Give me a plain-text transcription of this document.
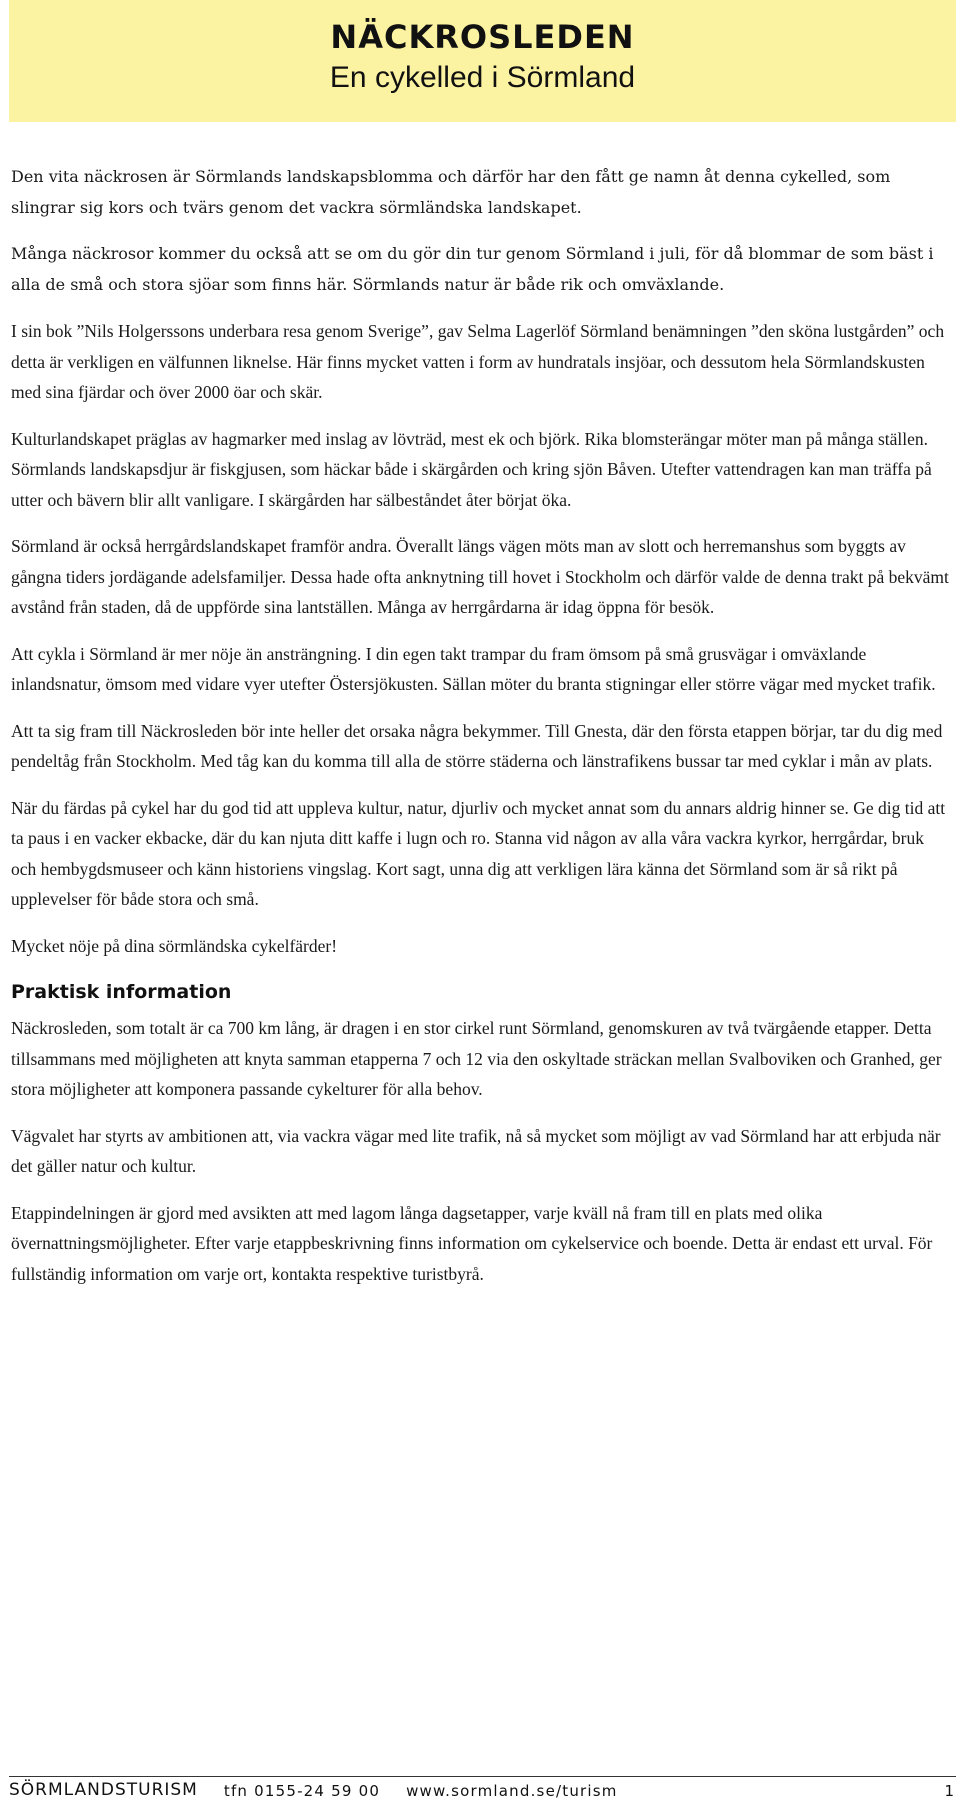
NÄCKROSLEDEN
En cykelled i Sörmland

Den vita näckrosen är Sörmlands landskapsblomma och därför har den fått ge namn åt denna cykelled, som slingrar sig kors och tvärs genom det vackra sörmländska landskapet.

Många näckrosor kommer du också att se om du gör din tur genom Sörmland i juli, för då blommar de som bäst i alla de små och stora sjöar som finns här. Sörmlands natur är både rik och omväxlande.

I sin bok ”Nils Holgerssons underbara resa genom Sverige”, gav Selma Lagerlöf Sörmland benämningen ”den sköna lustgården” och detta är verkligen en välfunnen liknelse. Här finns mycket vatten i form av hundratals insjöar, och dessutom hela Sörmlandskusten med sina fjärdar och över 2000 öar och skär.

Kulturlandskapet präglas av hagmarker med inslag av lövträd, mest ek och björk. Rika blomsterängar möter man på många ställen. Sörmlands landskapsdjur är fiskgjusen, som häckar både i skärgården och kring sjön Båven. Utefter vattendragen kan man träffa på utter och bävern blir allt vanligare. I skärgården har sälbeståndet åter börjat öka.

Sörmland är också herrgårdslandskapet framför andra. Överallt längs vägen möts man av slott och herremanshus som byggts av gångna tiders jordägande adelsfamiljer. Dessa hade ofta anknytning till hovet i Stockholm och därför valde de denna trakt på bekvämt avstånd från staden, då de uppförde sina lantställen. Många av herrgårdarna är idag öppna för besök.

Att cykla i Sörmland är mer nöje än ansträngning. I din egen takt trampar du fram ömsom på små grusvägar i omväxlande inlandsnatur, ömsom med vidare vyer utefter Östersjökusten. Sällan möter du branta stigningar eller större vägar med mycket trafik.

Att ta sig fram till Näckrosleden bör inte heller det orsaka några bekymmer. Till Gnesta, där den första etappen börjar, tar du dig med pendeltåg från Stockholm. Med tåg kan du komma till alla de större städerna och länstrafikens bussar tar med cyklar i mån av plats.

När du färdas på cykel har du god tid att uppleva kultur, natur, djurliv och mycket annat som du annars aldrig hinner se. Ge dig tid att ta paus i en vacker ekbacke, där du kan njuta ditt kaffe i lugn och ro. Stanna vid någon av alla våra vackra kyrkor, herrgårdar, bruk och hembygdsmuseer och känn historiens vingslag. Kort sagt, unna dig att verkligen lära känna det Sörmland som är så rikt på upplevelser för både stora och små.

Mycket nöje på dina sörmländska cykelfärder!

Praktisk information

Näckrosleden, som totalt är ca 700 km lång, är dragen i en stor cirkel runt Sörmland, genomskuren av två tvärgående etapper. Detta tillsammans med möjligheten att knyta samman etapperna 7 och 12 via den oskyltade sträckan mellan Svalboviken och Granhed, ger stora möjligheter att komponera passande cykelturer för alla behov.

Vägvalet har styrts av ambitionen att, via vackra vägar med lite trafik, nå så mycket som möjligt av vad Sörmland har att erbjuda när det gäller natur och kultur.

Etappindelningen är gjord med avsikten att med lagom långa dagsetapper, varje kväll nå fram till en plats med olika övernattningsmöjligheter. Efter varje etappbeskrivning finns information om cykelservice och boende. Detta är endast ett urval. För fullständig information om varje ort, kontakta respektive turistbyrå.

SÖRMLANDSTURISM tfn 0155-24 59 00 www.sormland.se/turism	1
